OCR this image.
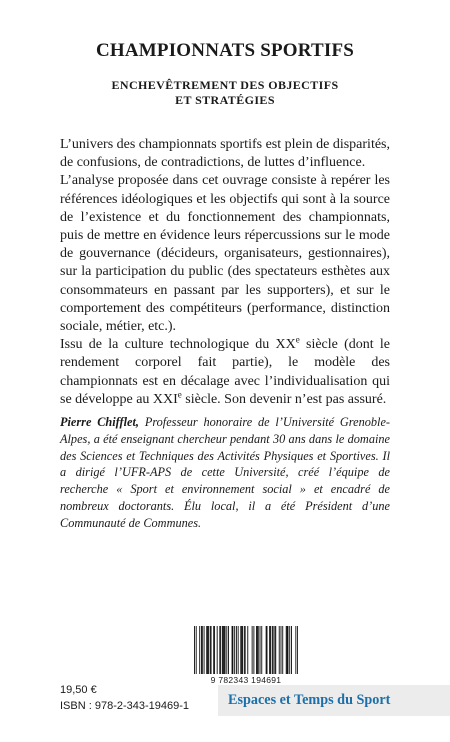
CHAMPIONNATS SPORTIFS
ENCHEVÊTREMENT DES OBJECTIFS
ET STRATÉGIES

L’univers des championnats sportifs est plein de disparités, de confusions, de contradictions, de luttes d’influence.

L’analyse proposée dans cet ouvrage consiste à repérer les références idéologiques et les objectifs qui sont à la source de l’existence et du fonctionnement des championnats, puis de mettre en évidence leurs répercussions sur le mode de gouvernance (décideurs, organisateurs, gestionnaires), sur la participation du public (des spectateurs esthètes aux consommateurs en passant par les supporters), et sur le comportement des compétiteurs (performance, distinction sociale, métier, etc.).

Issu de la culture technologique du XXe siècle (dont le rendement corporel fait partie), le modèle des championnats est en décalage avec l’individualisation qui se développe au XXIe siècle. Son devenir n’est pas assuré.

Pierre Chifflet, Professeur honoraire de l’Université Grenoble-Alpes, a été enseignant chercheur pendant 30 ans dans le domaine des Sciences et Techniques des Activités Physiques et Sportives. Il a dirigé l’UFR-APS de cette Université, créé l’équipe de recherche « Sport et environnement social » et encadré de nombreux doctorants. Élu local, il a été Président d’une Communauté de Communes.
9 782343 194691
19,50 €
ISBN : 978-2-343-19469-1	Espaces et Temps du Sport
